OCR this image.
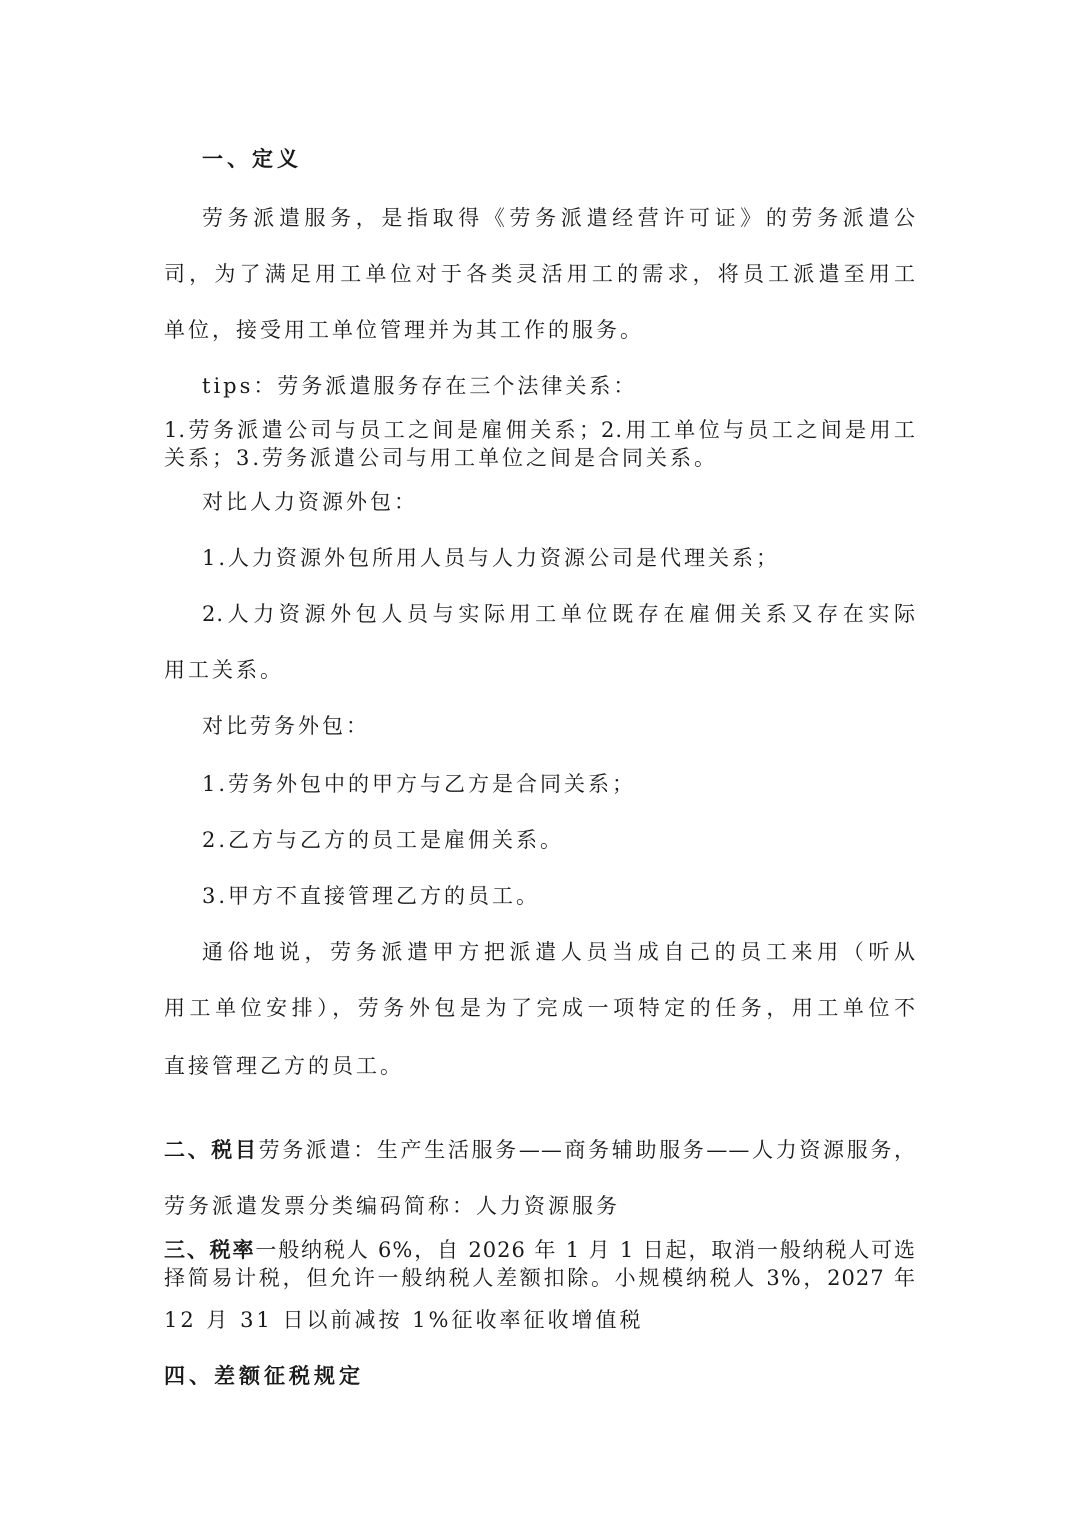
一、定义
劳务派遣服务，是指取得《劳务派遣经营许可证》的劳务派遣公
司，为了满足用工单位对于各类灵活用工的需求，将员工派遣至用工
单位，接受用工单位管理并为其工作的服务。
tips：劳务派遣服务存在三个法律关系：
1.劳务派遣公司与员工之间是雇佣关系；2.用工单位与员工之间是用工
关系；3.劳务派遣公司与用工单位之间是合同关系。
对比人力资源外包：
1.人力资源外包所用人员与人力资源公司是代理关系；
2.人力资源外包人员与实际用工单位既存在雇佣关系又存在实际
用工关系。
对比劳务外包：
1.劳务外包中的甲方与乙方是合同关系；
2.乙方与乙方的员工是雇佣关系。
3.甲方不直接管理乙方的员工。
通俗地说，劳务派遣甲方把派遣人员当成自己的员工来用（听从
用工单位安排），劳务外包是为了完成一项特定的任务，用工单位不
直接管理乙方的员工。
二、税目劳务派遣：生产生活服务——商务辅助服务——人力资源服务，
劳务派遣发票分类编码简称：人力资源服务
三、税率一般纳税人 6%，自 2026 年 1 月 1 日起，取消一般纳税人可选
择简易计税，但允许一般纳税人差额扣除。小规模纳税人 3%，2027 年
12 月 31 日以前减按 1%征收率征收增值税
四、差额征税规定
